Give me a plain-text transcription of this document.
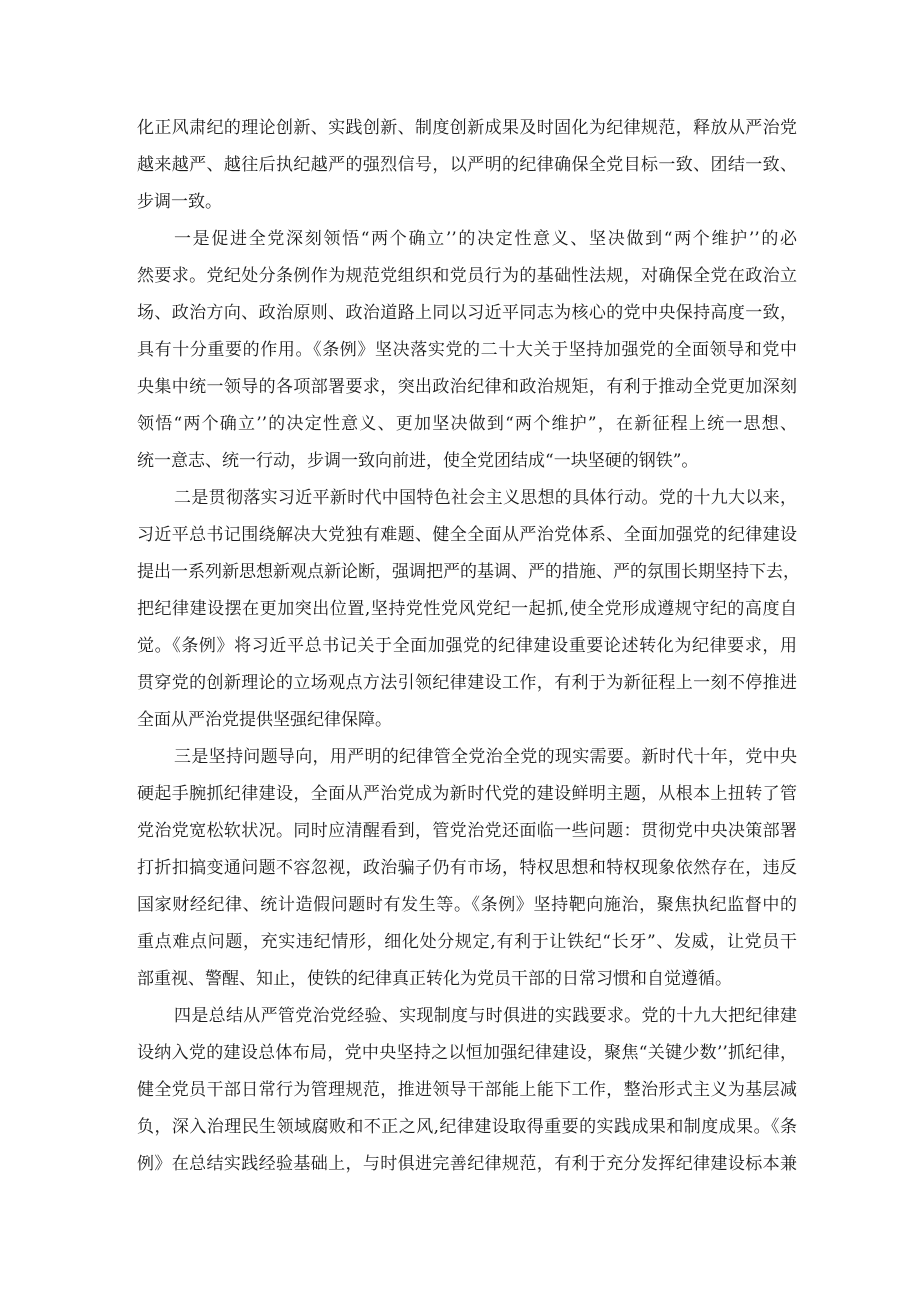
化正风肃纪的理论创新、实践创新、制度创新成果及时固化为纪律规范，释放从严治党
越来越严、越往后执纪越严的强烈信号，以严明的纪律确保全党目标一致、团结一致、
步调一致。
一是促进全党深刻领悟“两个确立’’的决定性意义、坚决做到“两个维护’’的必
然要求。党纪处分条例作为规范党组织和党员行为的基础性法规，对确保全党在政治立
场、政治方向、政治原则、政治道路上同以习近平同志为核心的党中央保持高度一致，
具有十分重要的作用。《条例》坚决落实党的二十大关于坚持加强党的全面领导和党中
央集中统一领导的各项部署要求，突出政治纪律和政治规矩，有利于推动全党更加深刻
领悟“两个确立’’的决定性意义、更加坚决做到“两个维护”，在新征程上统一思想、
统一意志、统一行动，步调一致向前进，使全党团结成“一块坚硬的钢铁”。
二是贯彻落实习近平新时代中国特色社会主义思想的具体行动。党的十九大以来，
习近平总书记围绕解决大党独有难题、健全全面从严治党体系、全面加强党的纪律建设
提出一系列新思想新观点新论断，强调把严的基调、严的措施、严的氛围长期坚持下去，
把纪律建设摆在更加突出位置,坚持党性党风党纪一起抓,使全党形成遵规守纪的高度自
觉。《条例》将习近平总书记关于全面加强党的纪律建设重要论述转化为纪律要求，用
贯穿党的创新理论的立场观点方法引领纪律建设工作，有利于为新征程上一刻不停推进
全面从严治党提供坚强纪律保障。
三是坚持问题导向，用严明的纪律管全党治全党的现实需要。新时代十年，党中央
硬起手腕抓纪律建设，全面从严治党成为新时代党的建设鲜明主题，从根本上扭转了管
党治党宽松软状况。同时应清醒看到，管党治党还面临一些问题：贯彻党中央决策部署
打折扣搞变通问题不容忽视，政治骗子仍有市场，特权思想和特权现象依然存在，违反
国家财经纪律、统计造假问题时有发生等。《条例》坚持靶向施治，聚焦执纪监督中的
重点难点问题，充实违纪情形，细化处分规定,有利于让铁纪“长牙”、发威，让党员干
部重视、警醒、知止，使铁的纪律真正转化为党员干部的日常习惯和自觉遵循。
四是总结从严管党治党经验、实现制度与时俱进的实践要求。党的十九大把纪律建
设纳入党的建设总体布局，党中央坚持之以恒加强纪律建设，聚焦“关键少数’’抓纪律，
健全党员干部日常行为管理规范，推进领导干部能上能下工作，整治形式主义为基层减
负，深入治理民生领域腐败和不正之风,纪律建设取得重要的实践成果和制度成果。《条
例》在总结实践经验基础上，与时俱进完善纪律规范，有利于充分发挥纪律建设标本兼
